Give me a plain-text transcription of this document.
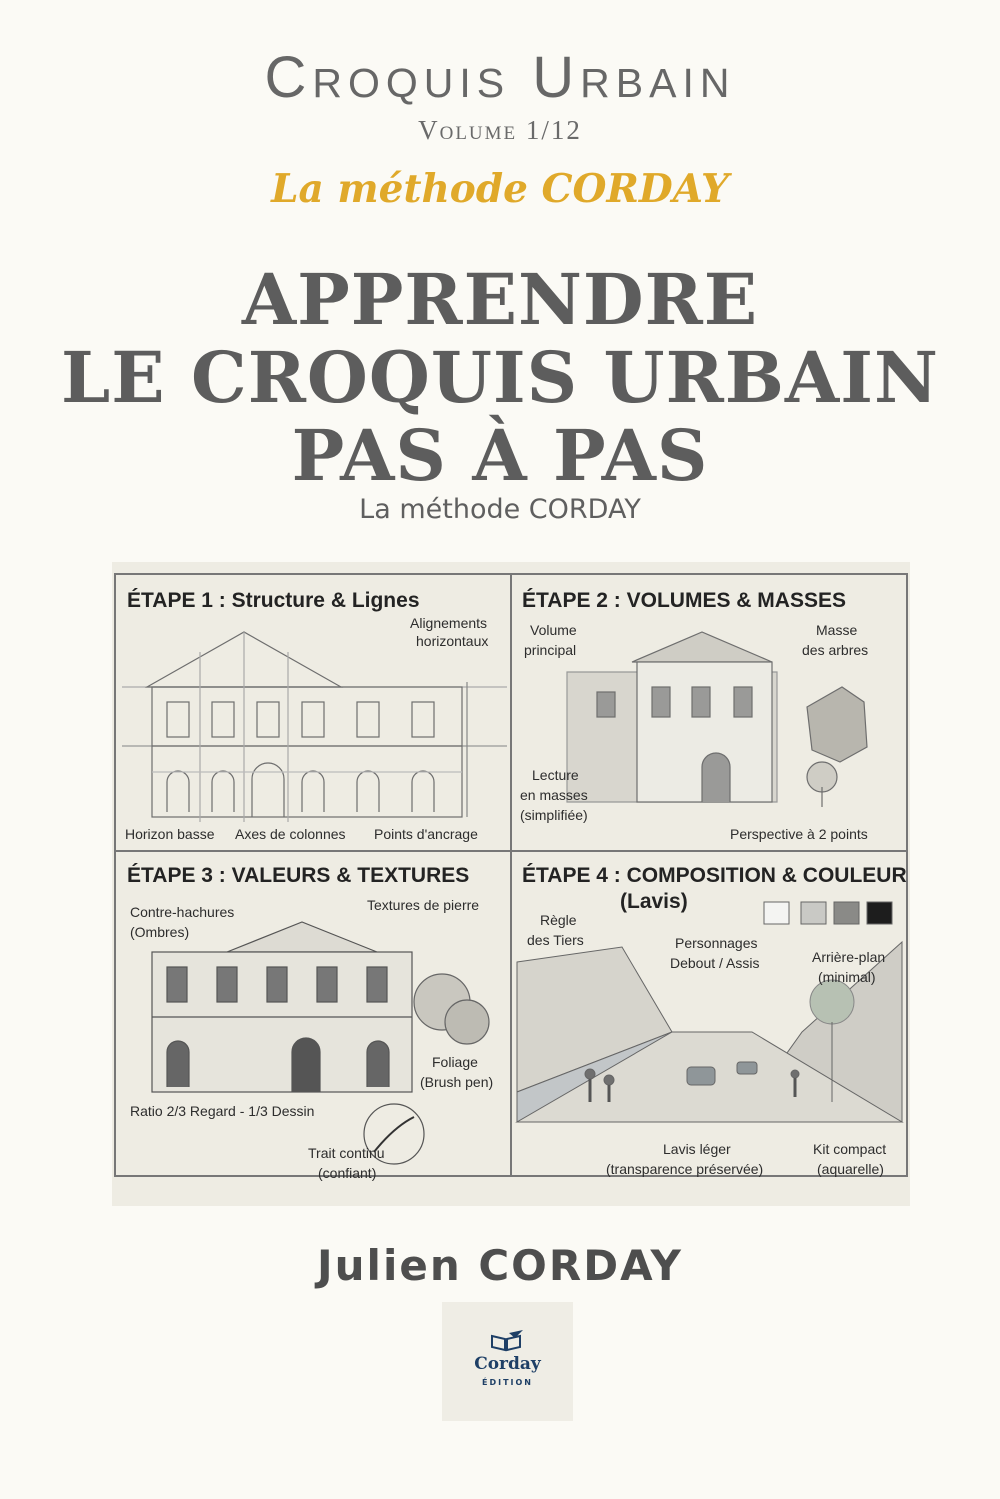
Croquis Urbain
Volume 1/12
La méthode CORDAY
APPRENDRE
LE CROQUIS URBAIN
PAS À PAS
La méthode CORDAY
ÉTAPE 1 : Structure & Lignes
Alignements
horizontaux
Horizon basse Axes de colonnes Points d'ancrage
ÉTAPE 2 : VOLUMES & MASSES
Volume
principal
Masse
des arbres
Lecture
en masses
(simplifiée)
Perspective à 2 points
ÉTAPE 3 : VALEURS & TEXTURES
Contre-hachures
(Ombres)
Textures de pierre
Foliage
(Brush pen)
Ratio 2/3 Regard - 1/3 Dessin
Trait continu
(confiant)
ÉTAPE 4 : COMPOSITION & COULEUR
(Lavis)
Règle
des Tiers	Personnages
Debout / Assis	Arrière-plan
(minimal)
Lavis léger
(transparence préservée)
Kit compact
(aquarelle)
Julien CORDAY
Corday
ÉDITION
